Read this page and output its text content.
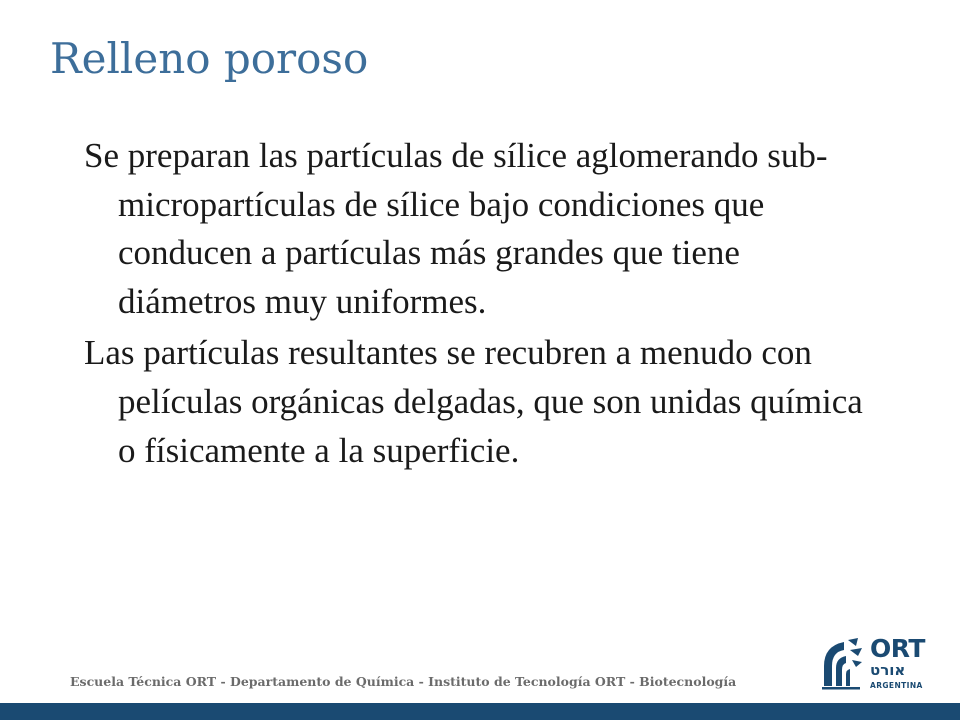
Relleno poroso

Se preparan las partículas de sílice aglomerando sub-micropartículas de sílice bajo condiciones que conducen a partículas más grandes que tiene diámetros muy uniformes.

Las partículas resultantes se recubren a menudo con películas orgánicas delgadas, que son unidas química o físicamente a la superficie.

Escuela Técnica ORT - Departamento de Química - Instituto de Tecnología ORT - Biotecnología
ORT
אורט
ARGENTINA
